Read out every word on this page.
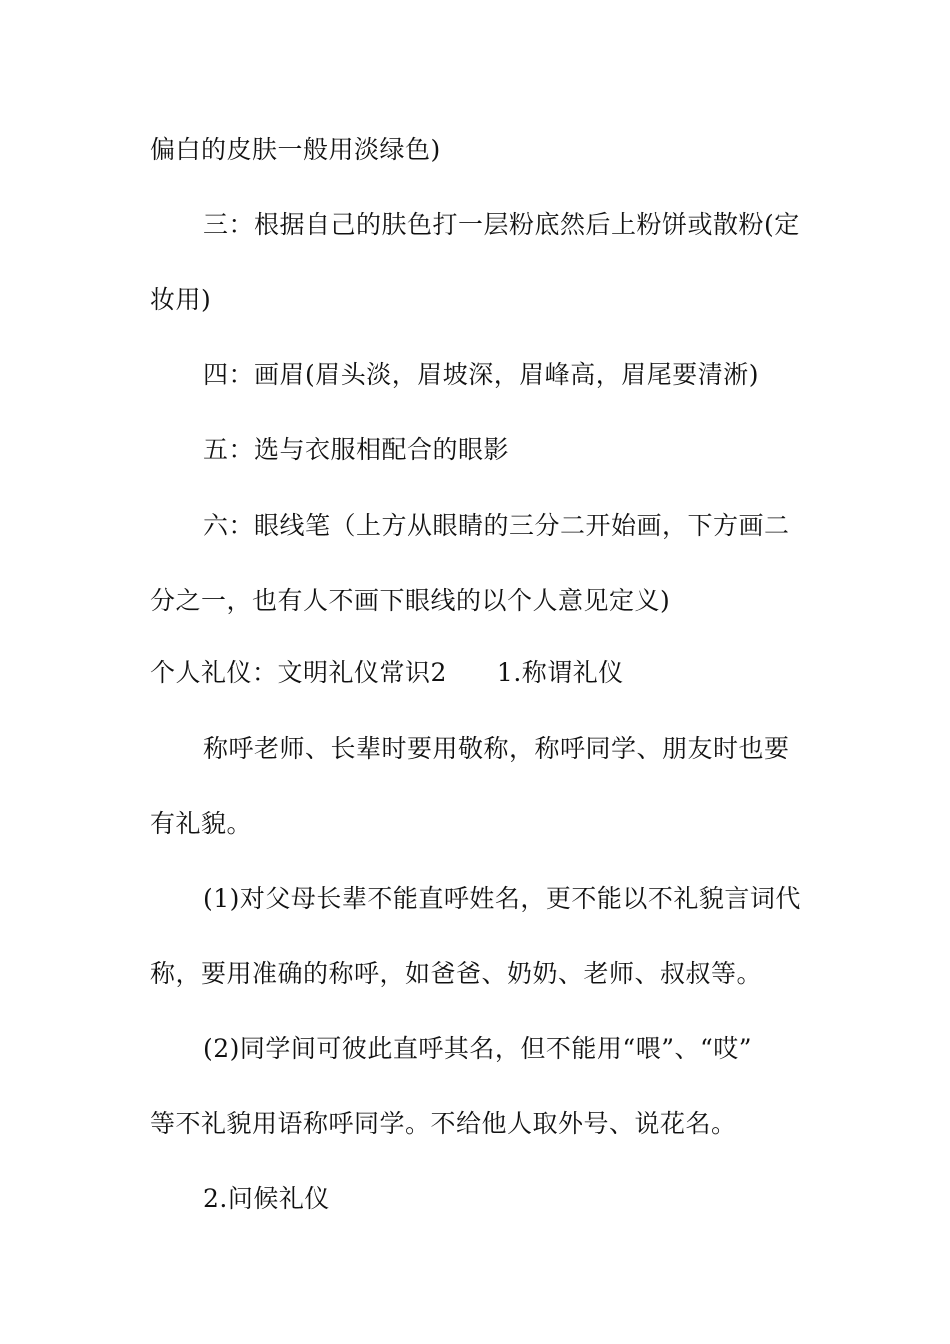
偏白的皮肤一般用淡绿色)
三：根据自己的肤色打一层粉底然后上粉饼或散粉(定
妆用)
四：画眉(眉头淡，眉坡深，眉峰高，眉尾要清淅)
五：选与衣服相配合的眼影
六：眼线笔（上方从眼睛的三分二开始画，下方画二
分之一，也有人不画下眼线的以个人意见定义)
个人礼仪：文明礼仪常识2 1.称谓礼仪
称呼老师、长辈时要用敬称，称呼同学、朋友时也要
有礼貌。
(1)对父母长辈不能直呼姓名，更不能以不礼貌言词代
称，要用准确的称呼，如爸爸、奶奶、老师、叔叔等。
(2)同学间可彼此直呼其名，但不能用“喂”、“哎”
等不礼貌用语称呼同学。不给他人取外号、说花名。
2.问候礼仪
